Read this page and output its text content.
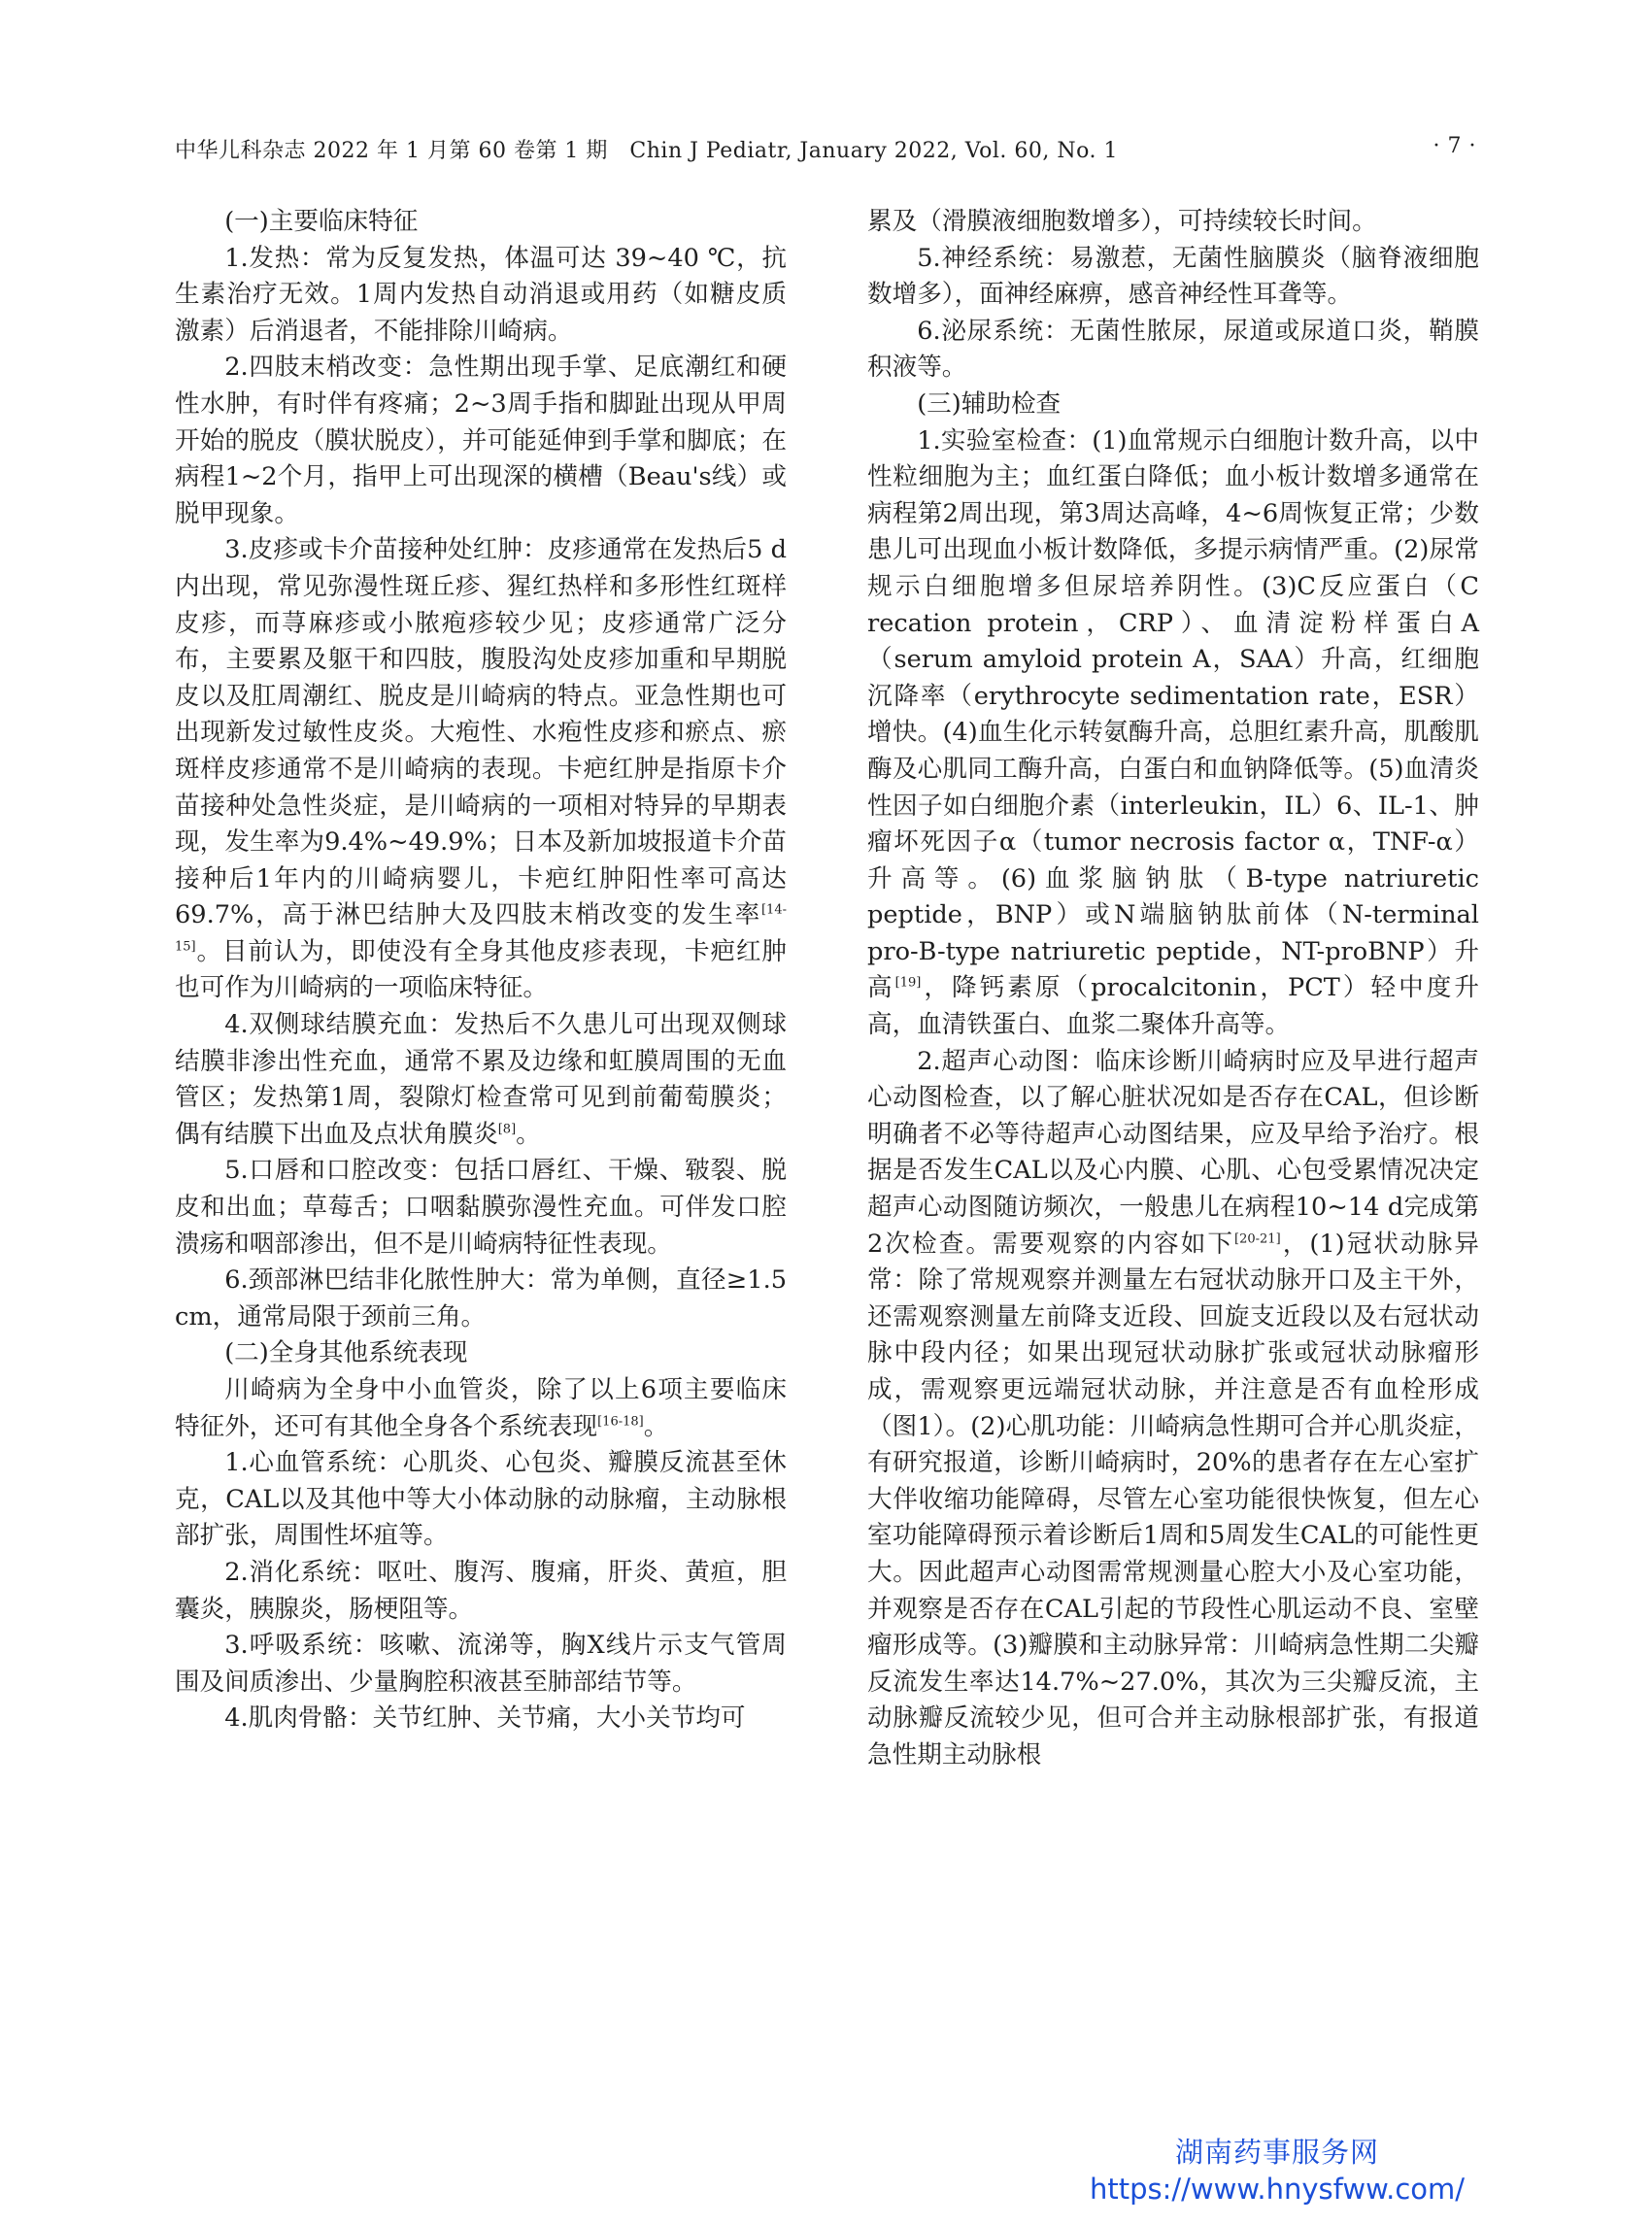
中华儿科杂志 2022 年 1 月第 60 卷第 1 期　Chin J Pediatr, January 2022, Vol. 60, No. 1	· 7 ·

(一)主要临床特征

1.发热：常为反复发热，体温可达 39~40 ℃，抗生素治疗无效。1周内发热自动消退或用药（如糖皮质激素）后消退者，不能排除川崎病。

2.四肢末梢改变：急性期出现手掌、足底潮红和硬性水肿，有时伴有疼痛；2~3周手指和脚趾出现从甲周开始的脱皮（膜状脱皮），并可能延伸到手掌和脚底；在病程1~2个月，指甲上可出现深的横槽（Beau's线）或脱甲现象。

3.皮疹或卡介苗接种处红肿：皮疹通常在发热后5 d内出现，常见弥漫性斑丘疹、猩红热样和多形性红斑样皮疹，而荨麻疹或小脓疱疹较少见；皮疹通常广泛分布，主要累及躯干和四肢，腹股沟处皮疹加重和早期脱皮以及肛周潮红、脱皮是川崎病的特点。亚急性期也可出现新发过敏性皮炎。大疱性、水疱性皮疹和瘀点、瘀斑样皮疹通常不是川崎病的表现。卡疤红肿是指原卡介苗接种处急性炎症，是川崎病的一项相对特异的早期表现，发生率为9.4%~49.9%；日本及新加坡报道卡介苗接种后1年内的川崎病婴儿，卡疤红肿阳性率可高达69.7%，高于淋巴结肿大及四肢末梢改变的发生率[14-15]。目前认为，即使没有全身其他皮疹表现，卡疤红肿也可作为川崎病的一项临床特征。

4.双侧球结膜充血：发热后不久患儿可出现双侧球结膜非渗出性充血，通常不累及边缘和虹膜周围的无血管区；发热第1周，裂隙灯检查常可见到前葡萄膜炎；偶有结膜下出血及点状角膜炎[8]。

5.口唇和口腔改变：包括口唇红、干燥、皲裂、脱皮和出血；草莓舌；口咽黏膜弥漫性充血。可伴发口腔溃疡和咽部渗出，但不是川崎病特征性表现。

6.颈部淋巴结非化脓性肿大：常为单侧，直径≥1.5 cm，通常局限于颈前三角。

(二)全身其他系统表现

川崎病为全身中小血管炎，除了以上6项主要临床特征外，还可有其他全身各个系统表现[16-18]。

1.心血管系统：心肌炎、心包炎、瓣膜反流甚至休克，CAL以及其他中等大小体动脉的动脉瘤，主动脉根部扩张，周围性坏疽等。

2.消化系统：呕吐、腹泻、腹痛，肝炎、黄疸，胆囊炎，胰腺炎，肠梗阻等。

3.呼吸系统：咳嗽、流涕等，胸X线片示支气管周围及间质渗出、少量胸腔积液甚至肺部结节等。

4.肌肉骨骼：关节红肿、关节痛，大小关节均可

累及（滑膜液细胞数增多），可持续较长时间。

5.神经系统：易激惹，无菌性脑膜炎（脑脊液细胞数增多），面神经麻痹，感音神经性耳聋等。

6.泌尿系统：无菌性脓尿，尿道或尿道口炎，鞘膜积液等。

(三)辅助检查

1.实验室检查：(1)血常规示白细胞计数升高，以中性粒细胞为主；血红蛋白降低；血小板计数增多通常在病程第2周出现，第3周达高峰，4~6周恢复正常；少数患儿可出现血小板计数降低，多提示病情严重。(2)尿常规示白细胞增多但尿培养阴性。(3)C反应蛋白（C recation protein，CRP）、血清淀粉样蛋白A（serum amyloid protein A，SAA）升高，红细胞沉降率（erythrocyte sedimentation rate，ESR）增快。(4)血生化示转氨酶升高，总胆红素升高，肌酸肌酶及心肌同工酶升高，白蛋白和血钠降低等。(5)血清炎性因子如白细胞介素（interleukin，IL）6、IL-1、肿瘤坏死因子α（tumor necrosis factor α，TNF-α）升高等。(6)血浆脑钠肽（B-type natriuretic peptide，BNP）或N端脑钠肽前体（N-terminal pro-B-type natriuretic peptide，NT-proBNP）升高[19]，降钙素原（procalcitonin，PCT）轻中度升高，血清铁蛋白、血浆二聚体升高等。

2.超声心动图：临床诊断川崎病时应及早进行超声心动图检查，以了解心脏状况如是否存在CAL，但诊断明确者不必等待超声心动图结果，应及早给予治疗。根据是否发生CAL以及心内膜、心肌、心包受累情况决定超声心动图随访频次，一般患儿在病程10~14 d完成第2次检查。需要观察的内容如下[20-21]，(1)冠状动脉异常：除了常规观察并测量左右冠状动脉开口及主干外，还需观察测量左前降支近段、回旋支近段以及右冠状动脉中段内径；如果出现冠状动脉扩张或冠状动脉瘤形成，需观察更远端冠状动脉，并注意是否有血栓形成（图1）。(2)心肌功能：川崎病急性期可合并心肌炎症，有研究报道，诊断川崎病时，20%的患者存在左心室扩大伴收缩功能障碍，尽管左心室功能很快恢复，但左心室功能障碍预示着诊断后1周和5周发生CAL的可能性更大。因此超声心动图需常规测量心腔大小及心室功能，并观察是否存在CAL引起的节段性心肌运动不良、室壁瘤形成等。(3)瓣膜和主动脉异常：川崎病急性期二尖瓣反流发生率达14.7%~27.0%，其次为三尖瓣反流，主动脉瓣反流较少见，但可合并主动脉根部扩张，有报道急性期主动脉根

湖南药事服务网
https://www.hnysfww.com/
